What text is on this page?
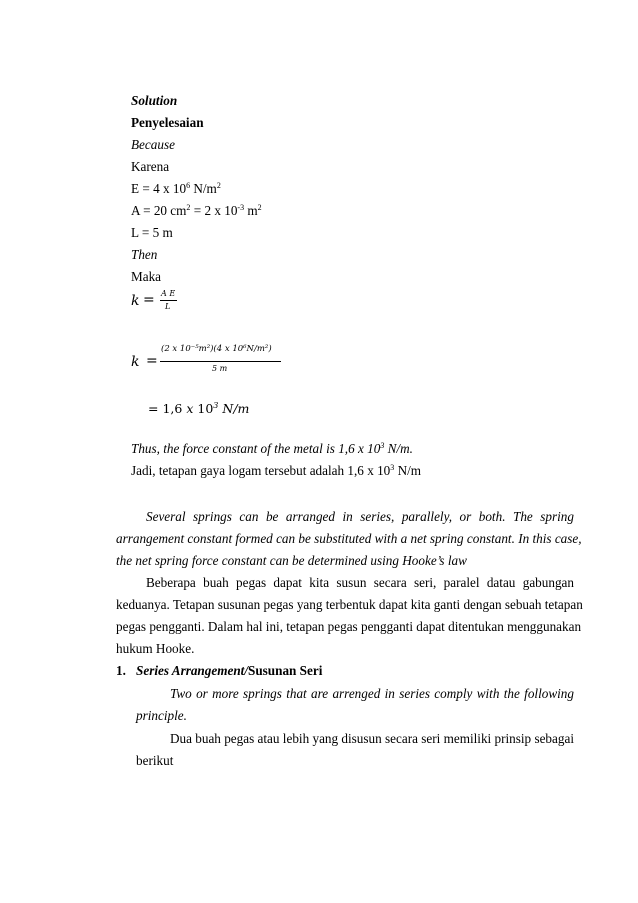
Solution
Penyelesaian
Because
Karena
E = 4 x $10^6$ $N/m^2$
A = 20 $cm^2 = 2$ x $10^{-3}$ $m^2$
L = 5 m
Then
Maka
k = A E
L
k =
(2 x 10⁻⁵m²)(4 x 10⁶N/m²)
5 m
= 1,6 x $10^3$ N/m
Thus, the force constant of the metal is 1,6 x $10^3$ N/m.
Jadi, tetapan gaya logam tersebut adalah 1,6 x $10^3$ N/m
Several springs can be arranged in series, parallely, or both. The spring
arrangement constant formed can be substituted with a net spring constant. In this case,
the net spring force constant can be determined using Hooke’s law
Beberapa buah pegas dapat kita susun secara seri, paralel datau gabungan
keduanya. Tetapan susunan pegas yang terbentuk dapat kita ganti dengan sebuah tetapan
pegas pengganti. Dalam hal ini, tetapan pegas pengganti dapat ditentukan menggunakan
hukum Hooke.
1. Series Arrangement/Susunan Seri
Two or more springs that are arrenged in series comply with the following
principle.
Dua buah pegas atau lebih yang disusun secara seri memiliki prinsip sebagai
berikut
